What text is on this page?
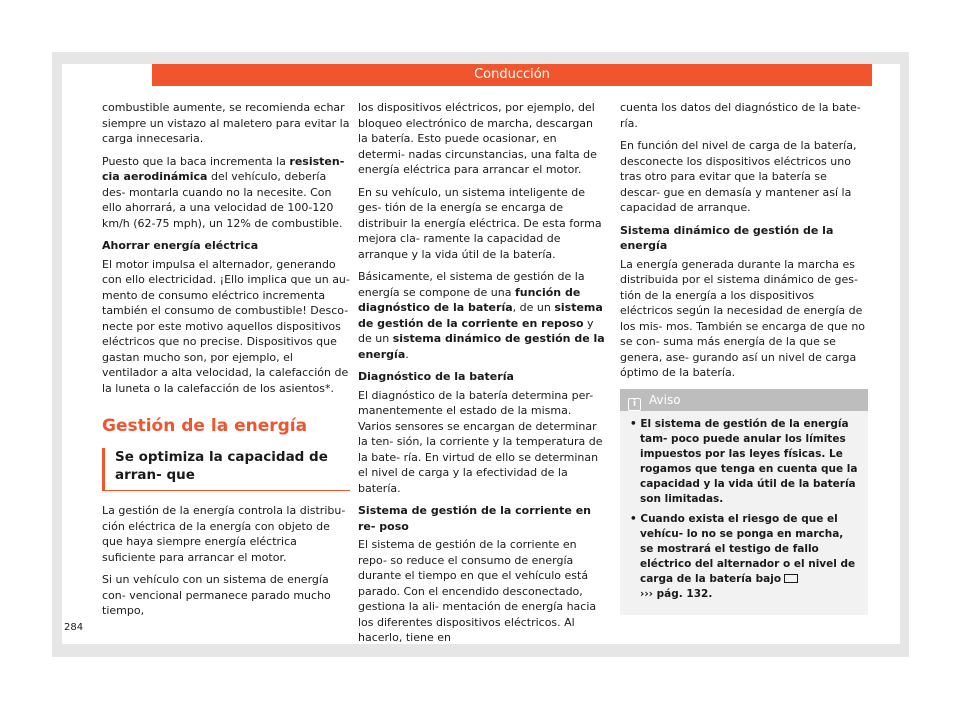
Conducción

combustible aumente, se recomienda echar siempre un vistazo al maletero para evitar la carga innecesaria.

Puesto que la baca incrementa la resisten- cia aerodinámica del vehículo, debería des- montarla cuando no la necesite. Con ello ahorrará, a una velocidad de 100-120 km/h (62-75 mph), un 12% de combustible.

Ahorrar energía eléctrica

El motor impulsa el alternador, generando con ello electricidad. ¡Ello implica que un au- mento de consumo eléctrico incrementa también el consumo de combustible! Desco- necte por este motivo aquellos dispositivos eléctricos que no precise. Dispositivos que gastan mucho son, por ejemplo, el ventilador a alta velocidad, la calefacción de la luneta o la calefacción de los asientos*.

Gestión de la energía
Se optimiza la capacidad de arran- que

La gestión de la energía controla la distribu- ción eléctrica de la energía con objeto de que haya siempre energía eléctrica suficiente para arrancar el motor.

Si un vehículo con un sistema de energía con- vencional permanece parado mucho tiempo,

los dispositivos eléctricos, por ejemplo, del bloqueo electrónico de marcha, descargan la batería. Esto puede ocasionar, en determi- nadas circunstancias, una falta de energía eléctrica para arrancar el motor.

En su vehículo, un sistema inteligente de ges- tión de la energía se encarga de distribuir la energía eléctrica. De esta forma mejora cla- ramente la capacidad de arranque y la vida útil de la batería.

Básicamente, el sistema de gestión de la energía se compone de una función de diagnóstico de la batería, de un sistema de gestión de la corriente en reposo y de un sistema dinámico de gestión de la energía.

Diagnóstico de la batería

El diagnóstico de la batería determina per- manentemente el estado de la misma. Varios sensores se encargan de determinar la ten- sión, la corriente y la temperatura de la bate- ría. En virtud de ello se determinan el nivel de carga y la efectividad de la batería.

Sistema de gestión de la corriente en re- poso

El sistema de gestión de la corriente en repo- so reduce el consumo de energía durante el tiempo en que el vehículo está parado. Con el encendido desconectado, gestiona la ali- mentación de energía hacia los diferentes dispositivos eléctricos. Al hacerlo, tiene en

cuenta los datos del diagnóstico de la bate- ría.

En función del nivel de carga de la batería, desconecte los dispositivos eléctricos uno tras otro para evitar que la batería se descar- gue en demasía y mantener así la capacidad de arranque.

Sistema dinámico de gestión de la energía

La energía generada durante la marcha es distribuida por el sistema dinámico de ges- tión de la energía a los dispositivos eléctricos según la necesidad de energía de los mis- mos. También se encarga de que no se con- suma más energía de la que se genera, ase- gurando así un nivel de carga óptimo de la batería.

i Aviso
• El sistema de gestión de la energía tam- poco puede anular los límites impuestos por las leyes físicas. Le rogamos que tenga en cuenta que la capacidad y la vida útil de la batería son limitadas.
• Cuando exista el riesgo de que el vehícu- lo no se ponga en marcha, se mostrará el testigo de fallo eléctrico del alternador o el nivel de carga de la batería bajo
››› pág. 132.
284
